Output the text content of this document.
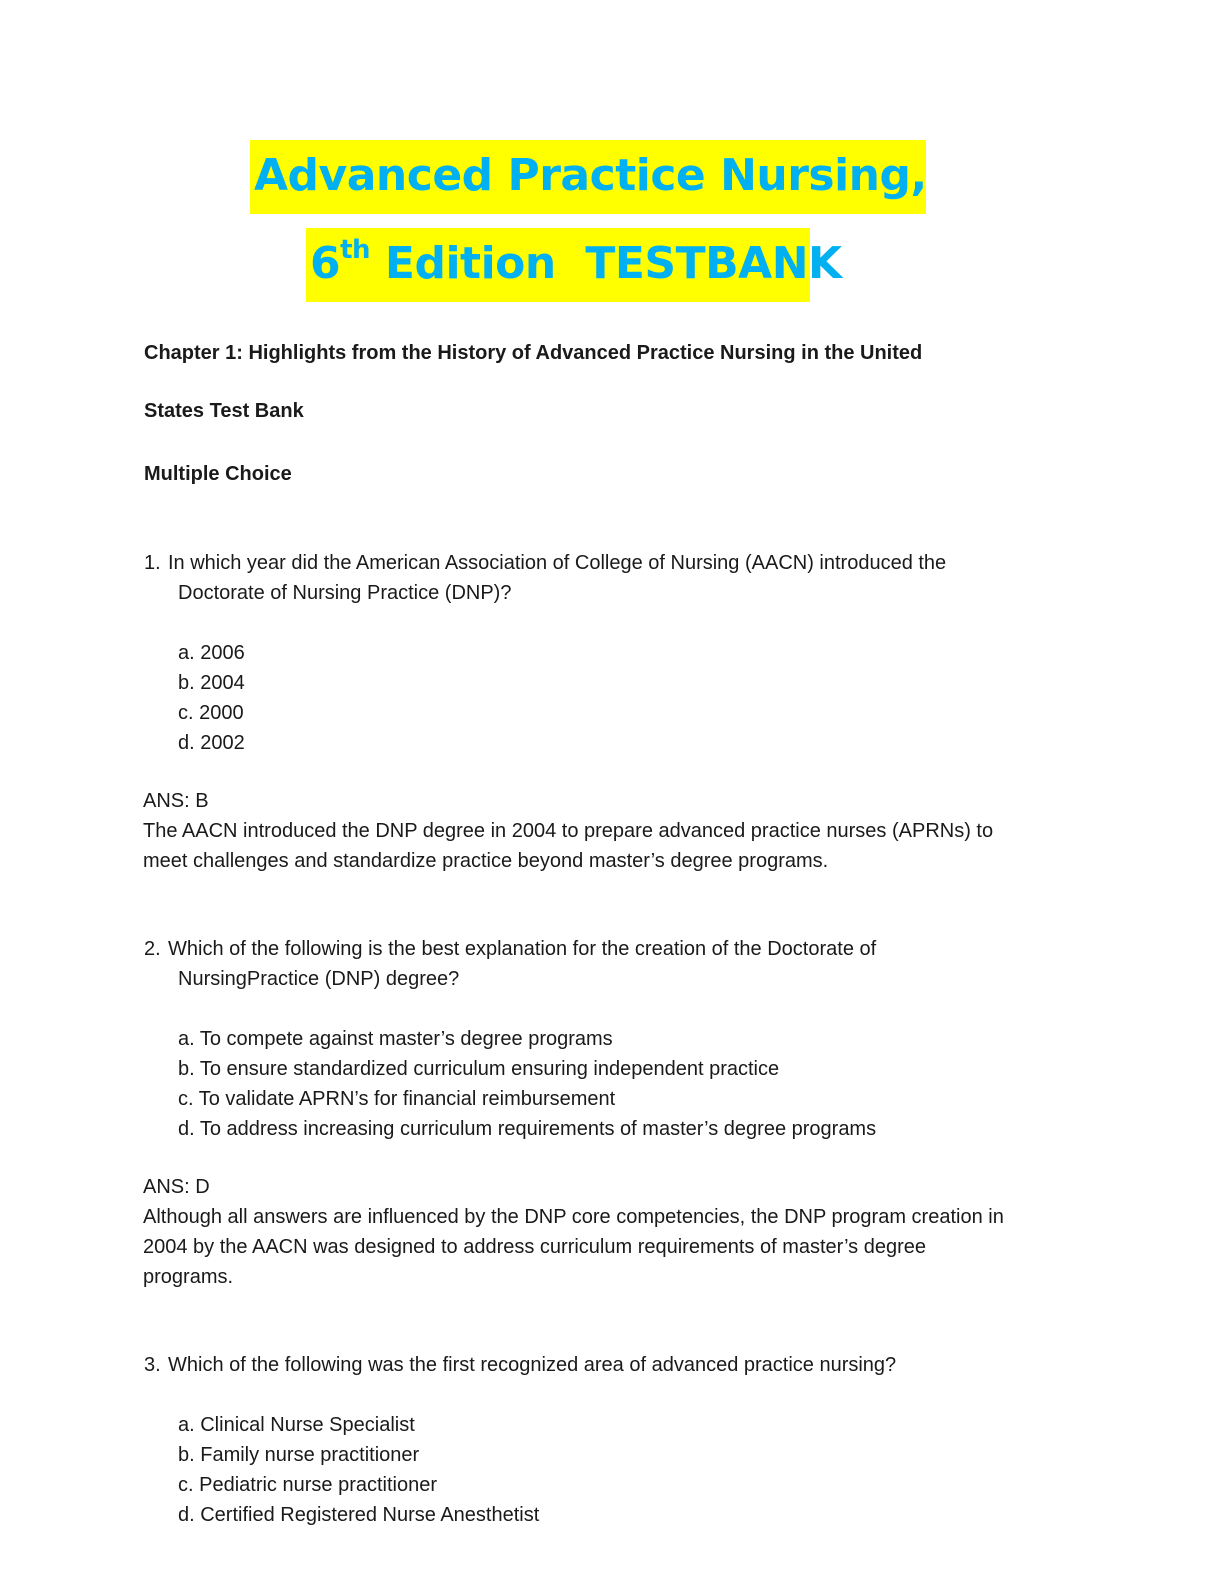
Advanced Practice Nursing,
6th Edition  TESTBANK
Chapter 1: Highlights from the History of Advanced Practice Nursing in the United
States Test Bank
Multiple Choice
1. In which year did the American Association of College of Nursing (AACN) introduced the
Doctorate of Nursing Practice (DNP)?
a. 2006
b. 2004
c. 2000
d. 2002
ANS: B
The AACN introduced the DNP degree in 2004 to prepare advanced practice nurses (APRNs) to
meet challenges and standardize practice beyond master’s degree programs.
2. Which of the following is the best explanation for the creation of the Doctorate of
NursingPractice (DNP) degree?
a. To compete against master’s degree programs
b. To ensure standardized curriculum ensuring independent practice
c. To validate APRN’s for financial reimbursement
d. To address increasing curriculum requirements of master’s degree programs
ANS: D
Although all answers are influenced by the DNP core competencies, the DNP program creation in
2004 by the AACN was designed to address curriculum requirements of master’s degree
programs.
3. Which of the following was the first recognized area of advanced practice nursing?
a. Clinical Nurse Specialist
b. Family nurse practitioner
c. Pediatric nurse practitioner
d. Certified Registered Nurse Anesthetist
